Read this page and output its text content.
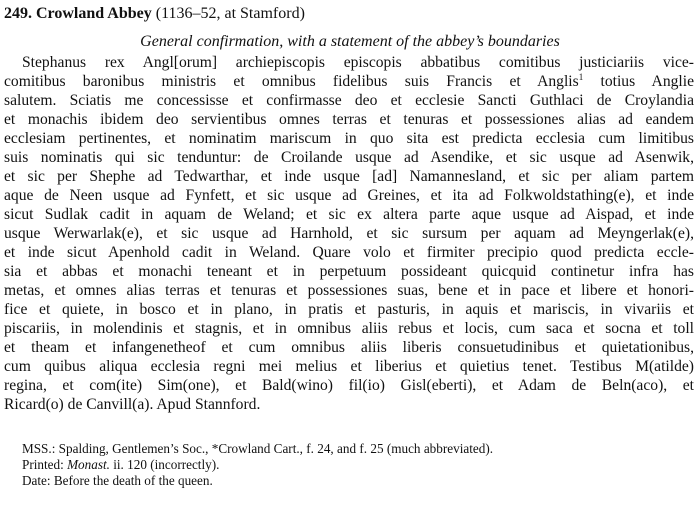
249. Crowland Abbey (1136–52, at Stamford)
General confirmation, with a statement of the abbey’s boundaries
Stephanus rex Angl[orum] archiepiscopis episcopis abbatibus comitibus justiciariis vice-
comitibus baronibus ministris et omnibus fidelibus suis Francis et Anglis$^1$ totius Anglie
salutem. Sciatis me concessisse et confirmasse deo et ecclesie Sancti Guthlaci de Croylandia
et monachis ibidem deo servientibus omnes terras et tenuras et possessiones alias ad eandem
ecclesiam pertinentes, et nominatim mariscum in quo sita est predicta ecclesia cum limitibus
suis nominatis qui sic tenduntur: de Croilande usque ad Asendike, et sic usque ad Asenwik,
et sic per Shephe ad Tedwarthar, et inde usque [ad] Namannesland, et sic per aliam partem
aque de Neen usque ad Fynfett, et sic usque ad Greines, et ita ad Folkwoldstathing(e), et inde
sicut Sudlak cadit in aquam de Weland; et sic ex altera parte aque usque ad Aispad, et inde
usque Werwarlak(e), et sic usque ad Harnhold, et sic sursum per aquam ad Meyngerlak(e),
et inde sicut Apenhold cadit in Weland. Quare volo et firmiter precipio quod predicta eccle-
sia et abbas et monachi teneant et in perpetuum possideant quicquid continetur infra has
metas, et omnes alias terras et tenuras et possessiones suas, bene et in pace et libere et honori-
fice et quiete, in bosco et in plano, in pratis et pasturis, in aquis et mariscis, in vivariis et
piscariis, in molendinis et stagnis, et in omnibus aliis rebus et locis, cum saca et socna et toll
et theam et infangenetheof et cum omnibus aliis liberis consuetudinibus et quietationibus,
cum quibus aliqua ecclesia regni mei melius et liberius et quietius tenet. Testibus M(atilde)
regina, et com(ite) Sim(one), et Bald(wino) fil(io) Gisl(eberti), et Adam de Beln(aco), et
Ricard(o) de Canvill(a). Apud Stannford.
MSS.: Spalding, Gentlemen’s Soc., *Crowland Cart., f. 24, and f. 25 (much abbreviated).
Printed: Monast. ii. 120 (incorrectly).
Date: Before the death of the queen.
